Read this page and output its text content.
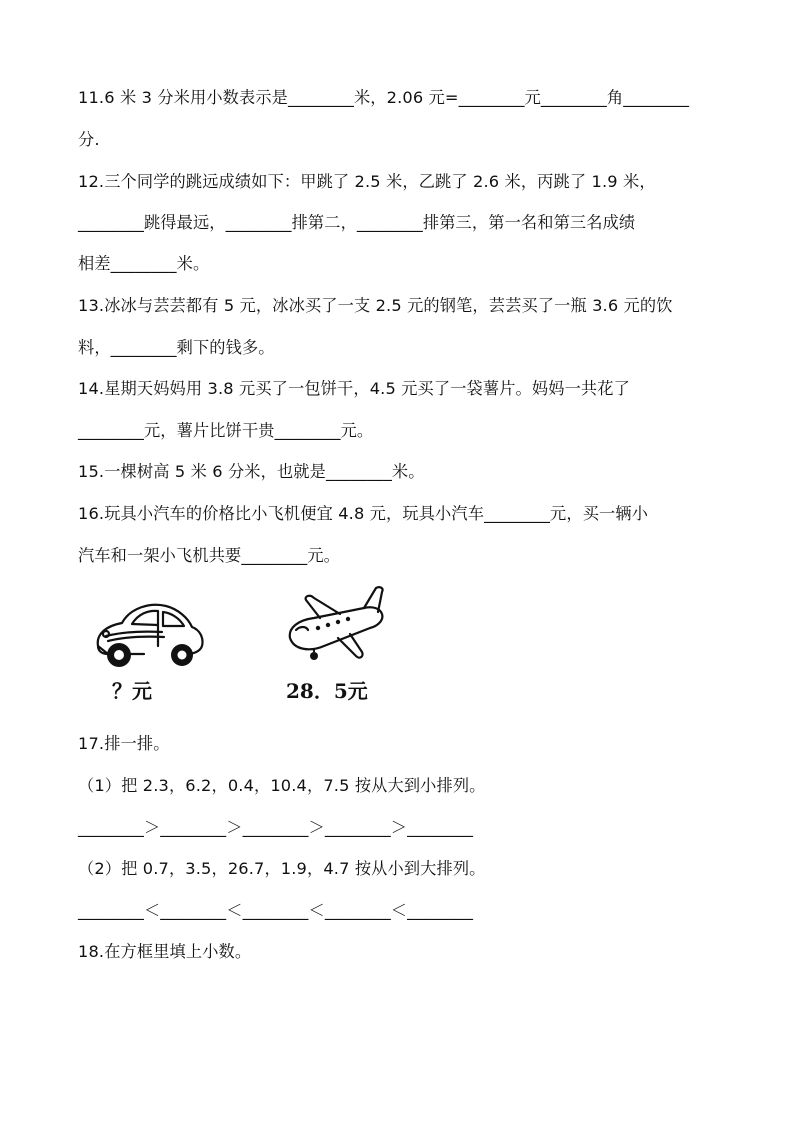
11.6 米 3 分米用小数表示是________米，2.06 元=________元________角________
分.
12.三个同学的跳远成绩如下：甲跳了 2.5 米，乙跳了 2.6 米，丙跳了 1.9 米，
________跳得最远，________排第二，________排第三，第一名和第三名成绩
相差________米。
13.冰冰与芸芸都有 5 元，冰冰买了一支 2.5 元的钢笔，芸芸买了一瓶 3.6 元的饮
料，________剩下的钱多。
14.星期天妈妈用 3.8 元买了一包饼干，4.5 元买了一袋薯片。妈妈一共花了
________元，薯片比饼干贵________元。
15.一棵树高 5 米 6 分米，也就是________米。
16.玩具小汽车的价格比小飞机便宜 4.8 元，玩具小汽车________元，买一辆小
汽车和一架小飞机共要________元。
？元	28．5元
17.排一排。
（1）把 2.3，6.2，0.4，10.4，7.5 按从大到小排列。
________＞________＞________＞________＞________
（2）把 0.7，3.5，26.7，1.9，4.7 按从小到大排列。
________＜________＜________＜________＜________
18.在方框里填上小数。
